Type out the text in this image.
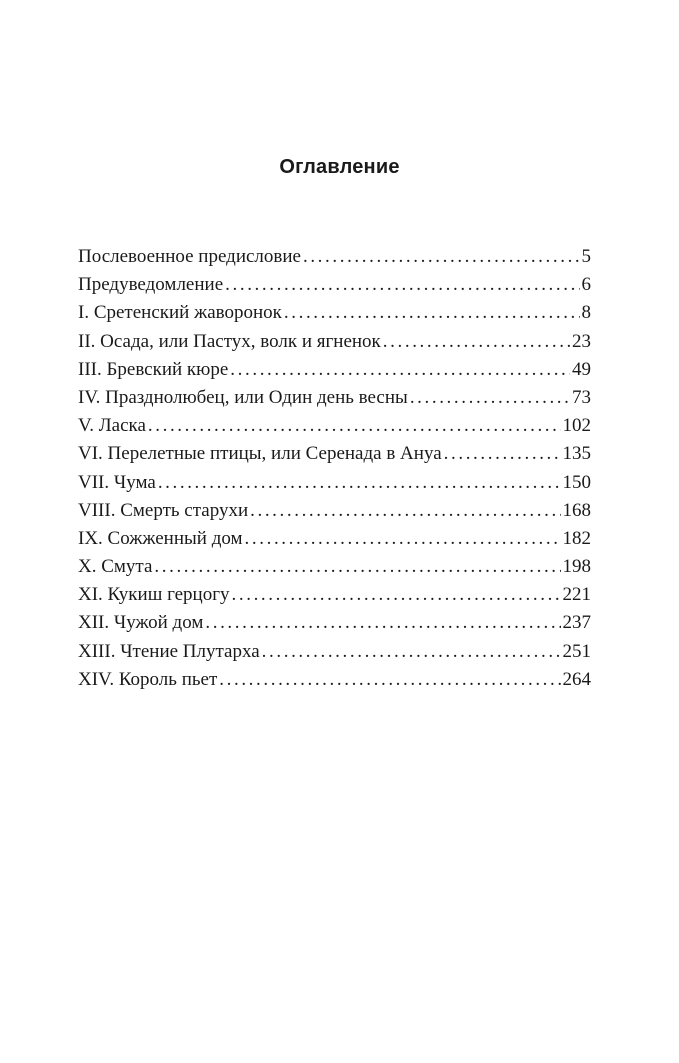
Оглавление
Послевоенное предисловие .....	5
Предуведомление .....	6
I. Сретенский жаворонок .....	8
II. Осада, или Пастух, волк и ягненок .....	23
III. Бревский кюре .....	49
IV. Празднолюбец, или Один день весны .....	73
V. Ласка .....	102
VI. Перелетные птицы, или Серенада в Ануа .....	135
VII. Чума .....	150
VIII. Смерть старухи .....	168
IX. Сожженный дом .....	182
X. Смута .....	198
XI. Кукиш герцогу .....	221
XII. Чужой дом .....	237
XIII. Чтение Плутарха .....	251
XIV. Король пьет .....	264
